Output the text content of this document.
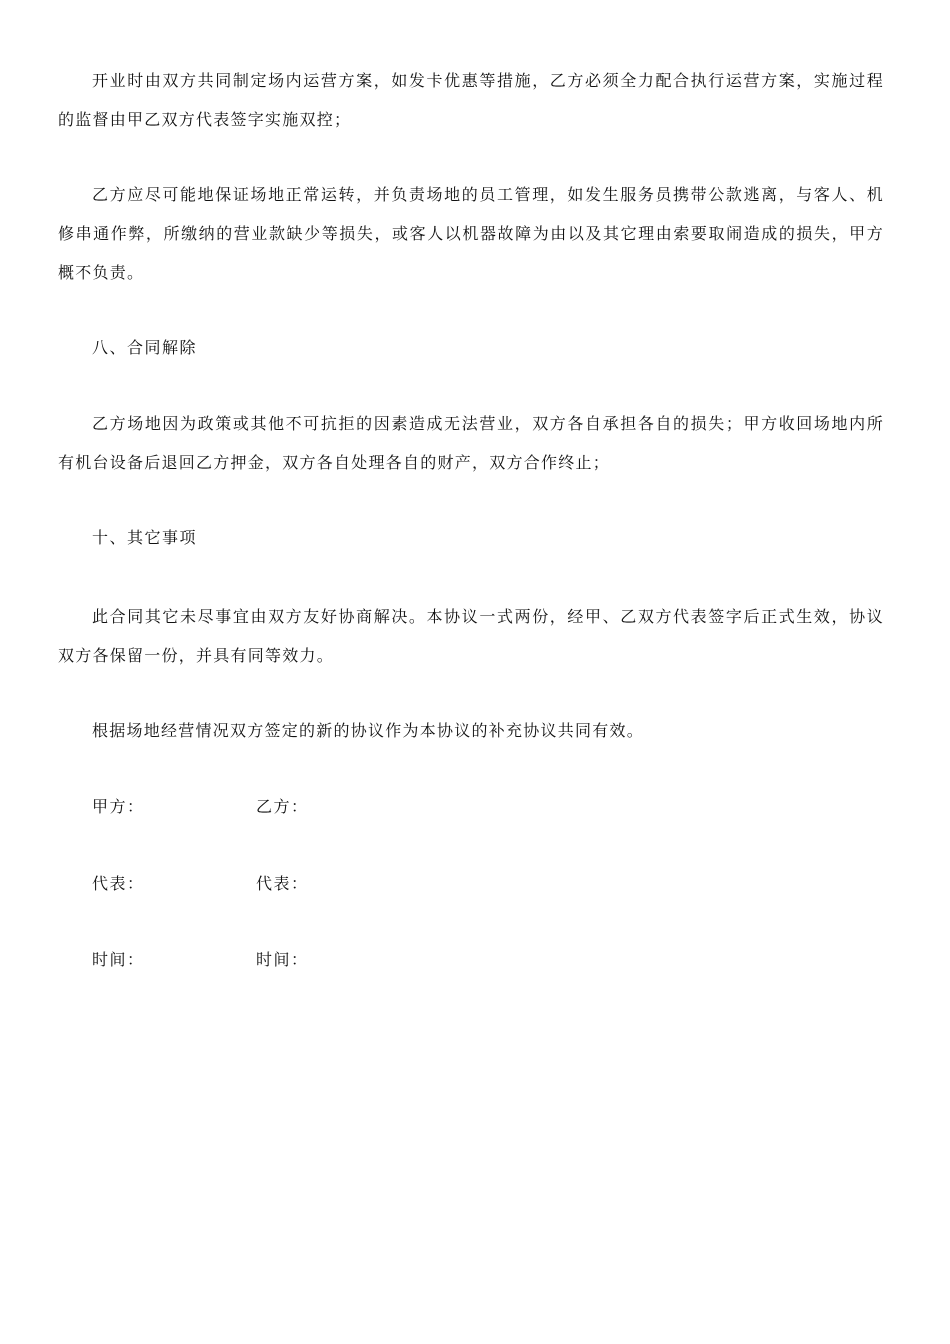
开业时由双方共同制定场内运营方案，如发卡优惠等措施，乙方必须全力配合执行运营方案，实施过程的监督由甲乙双方代表签字实施双控；

乙方应尽可能地保证场地正常运转，并负责场地的员工管理，如发生服务员携带公款逃离，与客人、机修串通作弊，所缴纳的营业款缺少等损失，或客人以机器故障为由以及其它理由索要取闹造成的损失，甲方概不负责。

八、合同解除

乙方场地因为政策或其他不可抗拒的因素造成无法营业，双方各自承担各自的损失；甲方收回场地内所有机台设备后退回乙方押金，双方各自处理各自的财产，双方合作终止；

十、其它事项

此合同其它未尽事宜由双方友好协商解决。本协议一式两份，经甲、乙双方代表签字后正式生效，协议双方各保留一份，并具有同等效力。

根据场地经营情况双方签定的新的协议作为本协议的补充协议共同有效。

甲方：	乙方：
代表：	代表：
时间：	时间：
